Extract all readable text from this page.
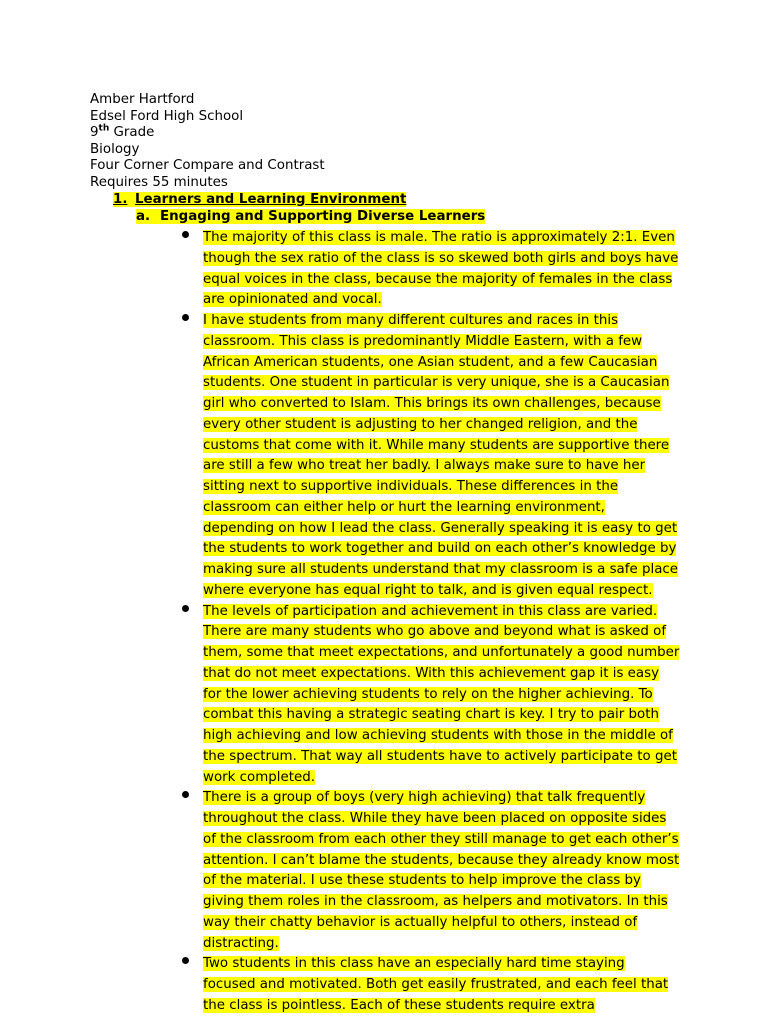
Amber Hartford
Edsel Ford High School
9th Grade
Biology
Four Corner Compare and Contrast
Requires 55 minutes
1. Learners and Learning Environment
a. Engaging and Supporting Diverse Learners
The majority of this class is male. The ratio is approximately 2:1. Even though the sex ratio of the class is so skewed both girls and boys have equal voices in the class, because the majority of females in the class are opinionated and vocal.
I have students from many different cultures and races in this classroom. This class is predominantly Middle Eastern, with a few African American students, one Asian student, and a few Caucasian students. One student in particular is very unique, she is a Caucasian girl who converted to Islam. This brings its own challenges, because every other student is adjusting to her changed religion, and the customs that come with it. While many students are supportive there are still a few who treat her badly. I always make sure to have her sitting next to supportive individuals. These differences in the classroom can either help or hurt the learning environment, depending on how I lead the class. Generally speaking it is easy to get the students to work together and build on each other’s knowledge by making sure all students understand that my classroom is a safe place where everyone has equal right to talk, and is given equal respect.
The levels of participation and achievement in this class are varied. There are many students who go above and beyond what is asked of them, some that meet expectations, and unfortunately a good number that do not meet expectations. With this achievement gap it is easy for the lower achieving students to rely on the higher achieving. To combat this having a strategic seating chart is key. I try to pair both high achieving and low achieving students with those in the middle of the spectrum. That way all students have to actively participate to get work completed.
There is a group of boys (very high achieving) that talk frequently throughout the class. While they have been placed on opposite sides of the classroom from each other they still manage to get each other’s attention. I can’t blame the students, because they already know most of the material. I use these students to help improve the class by giving them roles in the classroom, as helpers and motivators. In this way their chatty behavior is actually helpful to others, instead of distracting.
Two students in this class have an especially hard time staying focused and motivated. Both get easily frustrated, and each feel that the class is pointless. Each of these students require extra
